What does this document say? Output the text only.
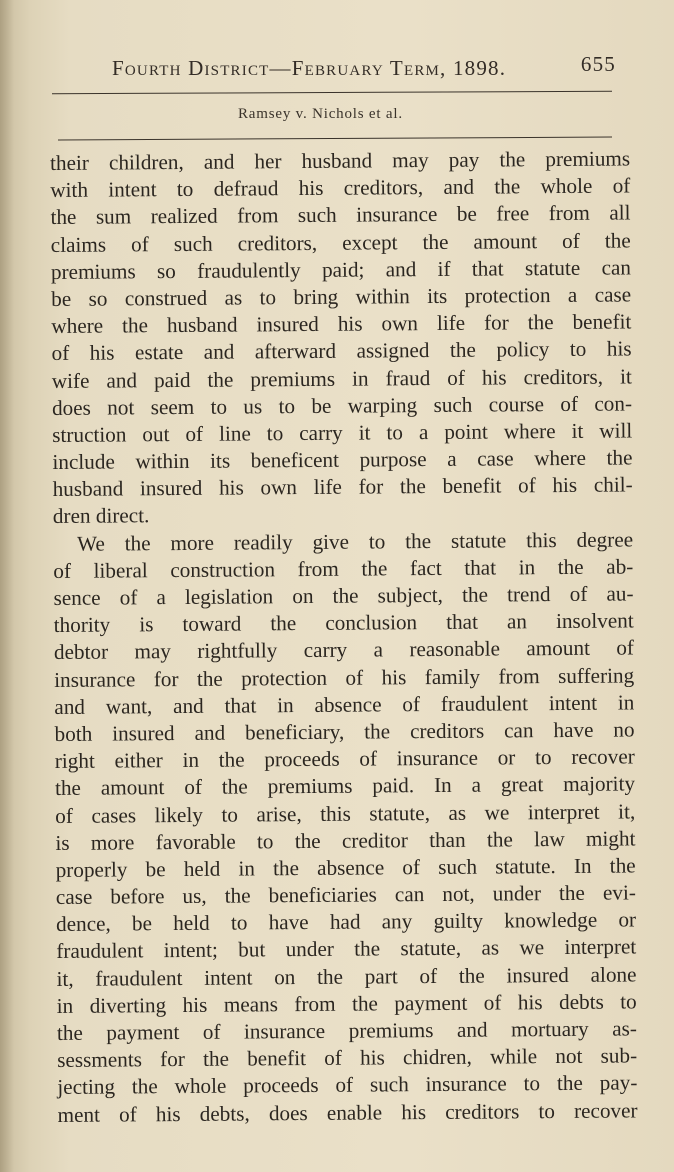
Fourth District—February Term, 1898.	655
Ramsey v. Nichols et al.
their children, and her husband may pay the premiums
with intent to defraud his creditors, and the whole of
the sum realized from such insurance be free from all
claims of such creditors, except the amount of the
premiums so fraudulently paid; and if that statute can
be so construed as to bring within its protection a case
where the husband insured his own life for the benefit
of his estate and afterward assigned the policy to his
wife and paid the premiums in fraud of his creditors, it
does not seem to us to be warping such course of con-
struction out of line to carry it to a point where it will
include within its beneficent purpose a case where the
husband insured his own life for the benefit of his chil-
dren direct.
We the more readily give to the statute this degree
of liberal construction from the fact that in the ab-
sence of a legislation on the subject, the trend of au-
thority is toward the conclusion that an insolvent
debtor may rightfully carry a reasonable amount of
insurance for the protection of his family from suffering
and want, and that in absence of fraudulent intent in
both insured and beneficiary, the creditors can have no
right either in the proceeds of insurance or to recover
the amount of the premiums paid. In a great majority
of cases likely to arise, this statute, as we interpret it,
is more favorable to the creditor than the law might
properly be held in the absence of such statute. In the
case before us, the beneficiaries can not, under the evi-
dence, be held to have had any guilty knowledge or
fraudulent intent; but under the statute, as we interpret
it, fraudulent intent on the part of the insured alone
in diverting his means from the payment of his debts to
the payment of insurance premiums and mortuary as-
sessments for the benefit of his chidren, while not sub-
jecting the whole proceeds of such insurance to the pay-
ment of his debts, does enable his creditors to recover
